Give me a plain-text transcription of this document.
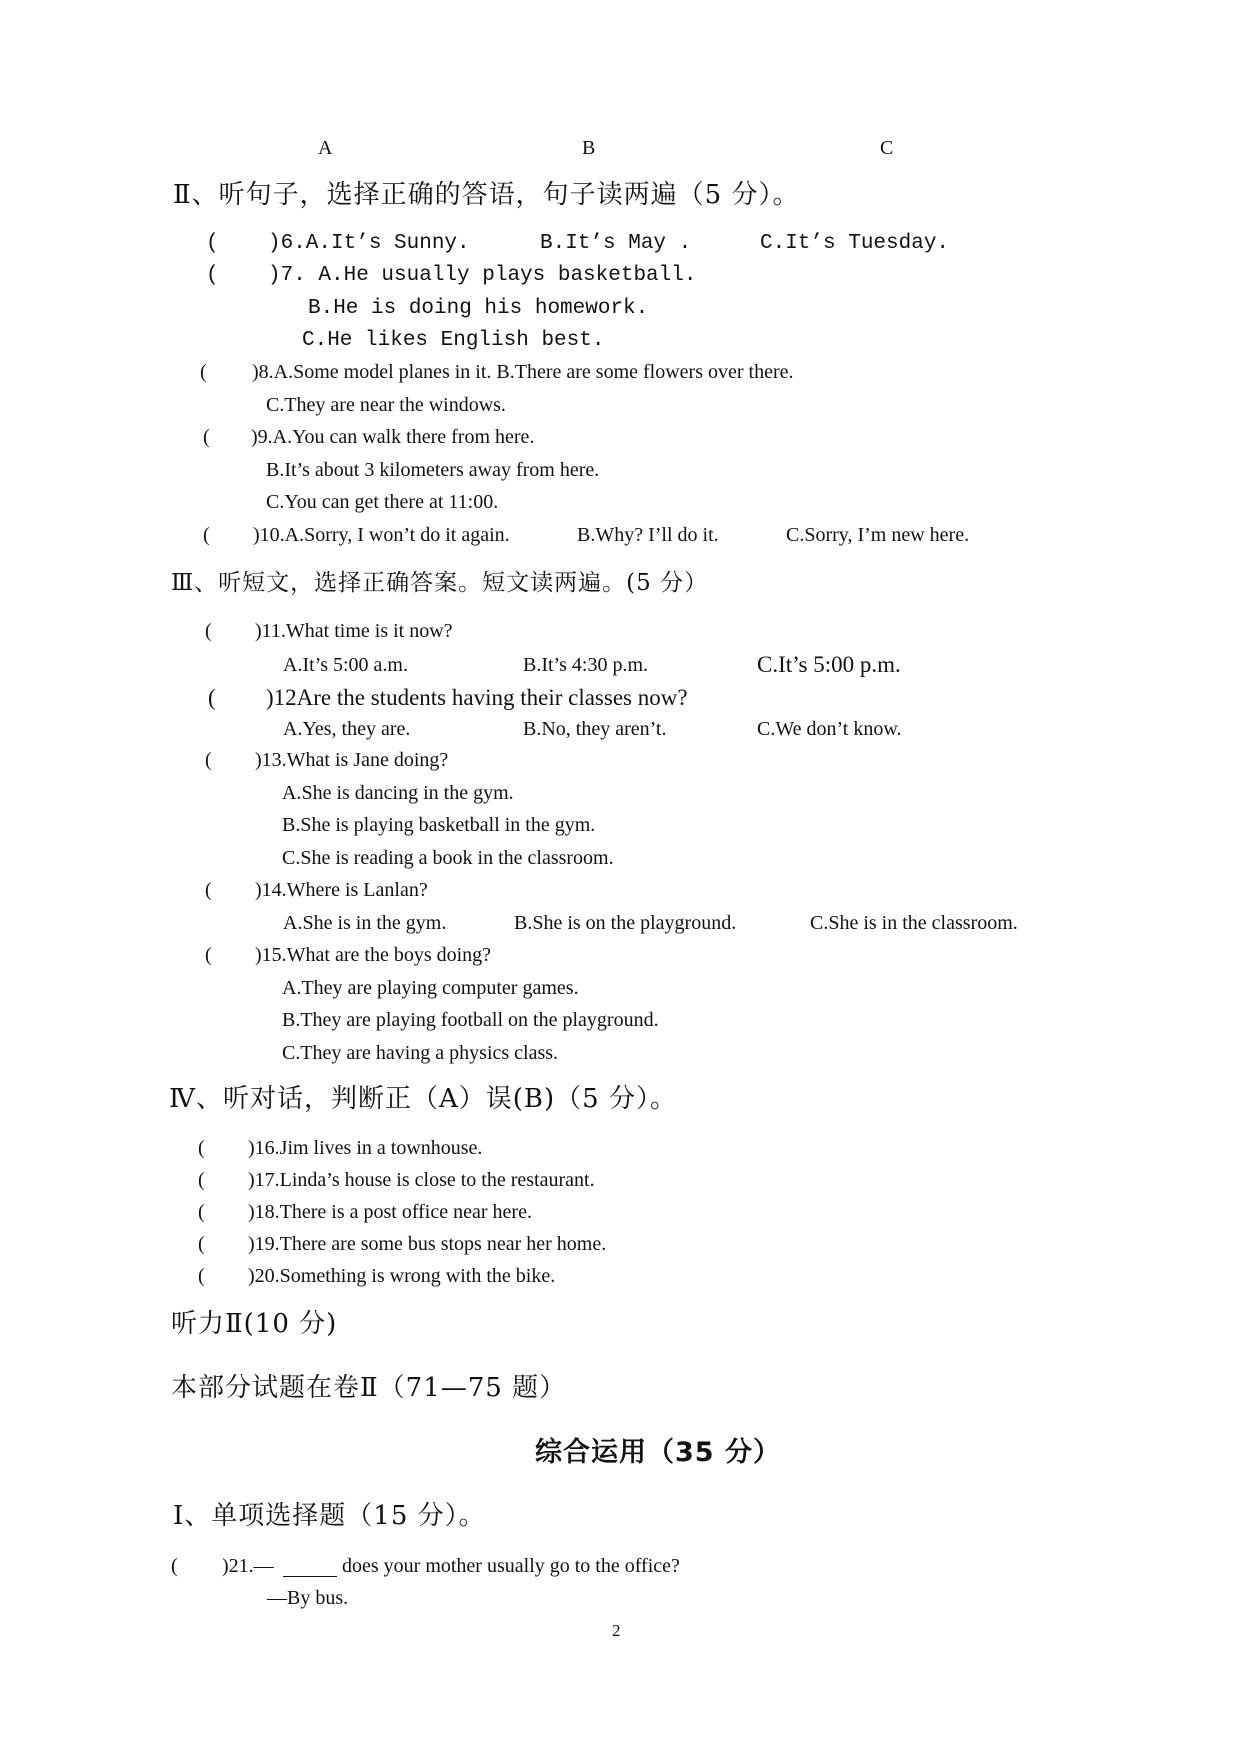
A	B	C
Ⅱ、听句子，选择正确的答语，句子读两遍（5 分）。
( )6.A.It’s Sunny.	B.It’s May .	C.It’s Tuesday.
( )7. A.He usually plays basketball.
B.He is doing his homework.
C.He likes English best.
( )8.A.Some model planes in it. B.There are some flowers over there.
C.They are near the windows.
( )9.A.You can walk there from here.
B.It’s about 3 kilometers away from here.
C.You can get there at 11:00.
( )10.A.Sorry, I won’t do it again.	B.Why? I’ll do it.	C.Sorry, I’m new here.
Ⅲ、听短文，选择正确答案。短文读两遍。(5 分）
( )11.What time is it now?
A.It’s 5:00 a.m.	B.It’s 4:30 p.m.	C.It’s 5:00 p.m.
( )12Are the students having their classes now?
A.Yes, they are.	B.No, they aren’t.	C.We don’t know.
( )13.What is Jane doing?
A.She is dancing in the gym.
B.She is playing basketball in the gym.
C.She is reading a book in the classroom.
( )14.Where is Lanlan?
A.She is in the gym.	B.She is on the playground.	C.She is in the classroom.
( )15.What are the boys doing?
A.They are playing computer games.
B.They are playing football on the playground.
C.They are having a physics class.
Ⅳ、听对话，判断正（A）误(B)（5 分）。
( )16.Jim lives in a townhouse.
( )17.Linda’s house is close to the restaurant.
( )18.There is a post office near here.
( )19.There are some bus stops near her home.
( )20.Something is wrong with the bike.
听力Ⅱ(10 分)
本部分试题在卷Ⅱ（71—75 题）
综合运用（35 分）
Ⅰ、单项选择题（15 分）。
( )21.—	does your mother usually go to the office?
—By bus.
2
